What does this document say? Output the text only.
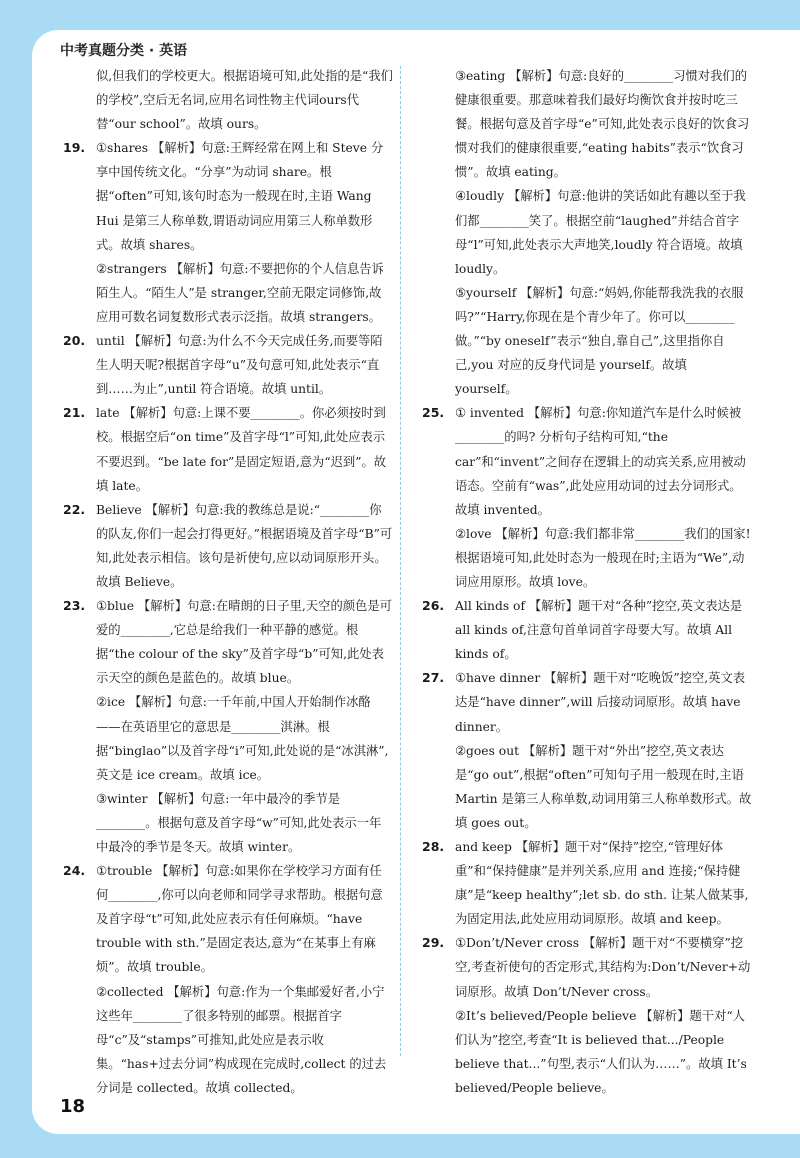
中考真题分类 · 英语
似,但我们的学校更大。根据语境可知,此处指的是“我们的学校”,空后无名词,应用名词性物主代词ours代替“our school”。故填 ours。
19. ①shares 【解析】句意:王辉经常在网上和 Steve 分享中国传统文化。“分享”为动词 share。根据“often”可知,该句时态为一般现在时,主语 Wang Hui 是第三人称单数,谓语动词应用第三人称单数形式。故填 shares。
②strangers 【解析】句意:不要把你的个人信息告诉陌生人。“陌生人”是 stranger,空前无限定词修饰,故应用可数名词复数形式表示泛指。故填 strangers。
20. until 【解析】句意:为什么不今天完成任务,而要等陌生人明天呢?根据首字母“u”及句意可知,此处表示“直到……为止”,until 符合语境。故填 until。
21. late 【解析】句意:上课不要________。你必须按时到校。根据空后“on time”及首字母“l”可知,此处应表示不要迟到。“be late for”是固定短语,意为“迟到”。故填 late。
22. Believe 【解析】句意:我的教练总是说:“________你的队友,你们一起会打得更好。”根据语境及首字母“B”可知,此处表示相信。该句是祈使句,应以动词原形开头。故填 Believe。
23. ①blue 【解析】句意:在晴朗的日子里,天空的颜色是可爱的________,它总是给我们一种平静的感觉。根据“the colour of the sky”及首字母“b”可知,此处表示天空的颜色是蓝色的。故填 blue。
②ice 【解析】句意:一千年前,中国人开始制作冰酪——在英语里它的意思是________淇淋。根据“binglao”以及首字母“i”可知,此处说的是“冰淇淋”,英文是 ice cream。故填 ice。
③winter 【解析】句意:一年中最冷的季节是________。根据句意及首字母“w”可知,此处表示一年中最冷的季节是冬天。故填 winter。
24. ①trouble 【解析】句意:如果你在学校学习方面有任何________,你可以向老师和同学寻求帮助。根据句意及首字母“t”可知,此处应表示有任何麻烦。“have trouble with sth.”是固定表达,意为“在某事上有麻烦”。故填 trouble。
②collected 【解析】句意:作为一个集邮爱好者,小宁这些年________了很多特别的邮票。根据首字母“c”及“stamps”可推知,此处应是表示收集。“has+过去分词”构成现在完成时,collect 的过去分词是 collected。故填 collected。
③eating 【解析】句意:良好的________习惯对我们的健康很重要。那意味着我们最好均衡饮食并按时吃三餐。根据句意及首字母“e”可知,此处表示良好的饮食习惯对我们的健康很重要,“eating habits”表示“饮食习惯”。故填 eating。
④loudly 【解析】句意:他讲的笑话如此有趣以至于我们都________笑了。根据空前“laughed”并结合首字母“l”可知,此处表示大声地笑,loudly 符合语境。故填 loudly。
⑤yourself 【解析】句意:“妈妈,你能帮我洗我的衣服吗?”“Harry,你现在是个青少年了。你可以________做。”“by oneself”表示“独自,靠自己”,这里指你自己,you 对应的反身代词是 yourself。故填 yourself。
25. ① invented 【解析】句意:你知道汽车是什么时候被________的吗? 分析句子结构可知,“the car”和“invent”之间存在逻辑上的动宾关系,应用被动语态。空前有“was”,此处应用动词的过去分词形式。故填 invented。
②love 【解析】句意:我们都非常________我们的国家! 根据语境可知,此处时态为一般现在时;主语为“We”,动词应用原形。故填 love。
26. All kinds of 【解析】题干对“各种”挖空,英文表达是 all kinds of,注意句首单词首字母要大写。故填 All kinds of。
27. ①have dinner 【解析】题干对“吃晚饭”挖空,英文表达是“have dinner”,will 后接动词原形。故填 have dinner。
②goes out 【解析】题干对“外出”挖空,英文表达是“go out”,根据“often”可知句子用一般现在时,主语 Martin 是第三人称单数,动词用第三人称单数形式。故填 goes out。
28. and keep 【解析】题干对“保持”挖空,“管理好体重”和“保持健康”是并列关系,应用 and 连接;“保持健康”是“keep healthy”;let sb. do sth. 让某人做某事,为固定用法,此处应用动词原形。故填 and keep。
29. ①Don’t/Never cross 【解析】题干对“不要横穿”挖空,考查祈使句的否定形式,其结构为:Don’t/Never+动词原形。故填 Don’t/Never cross。
②It’s believed/People believe 【解析】题干对“人们认为”挖空,考查“It is believed that.../People believe that...”句型,表示“人们认为……”。故填 It’s believed/People believe。
18
